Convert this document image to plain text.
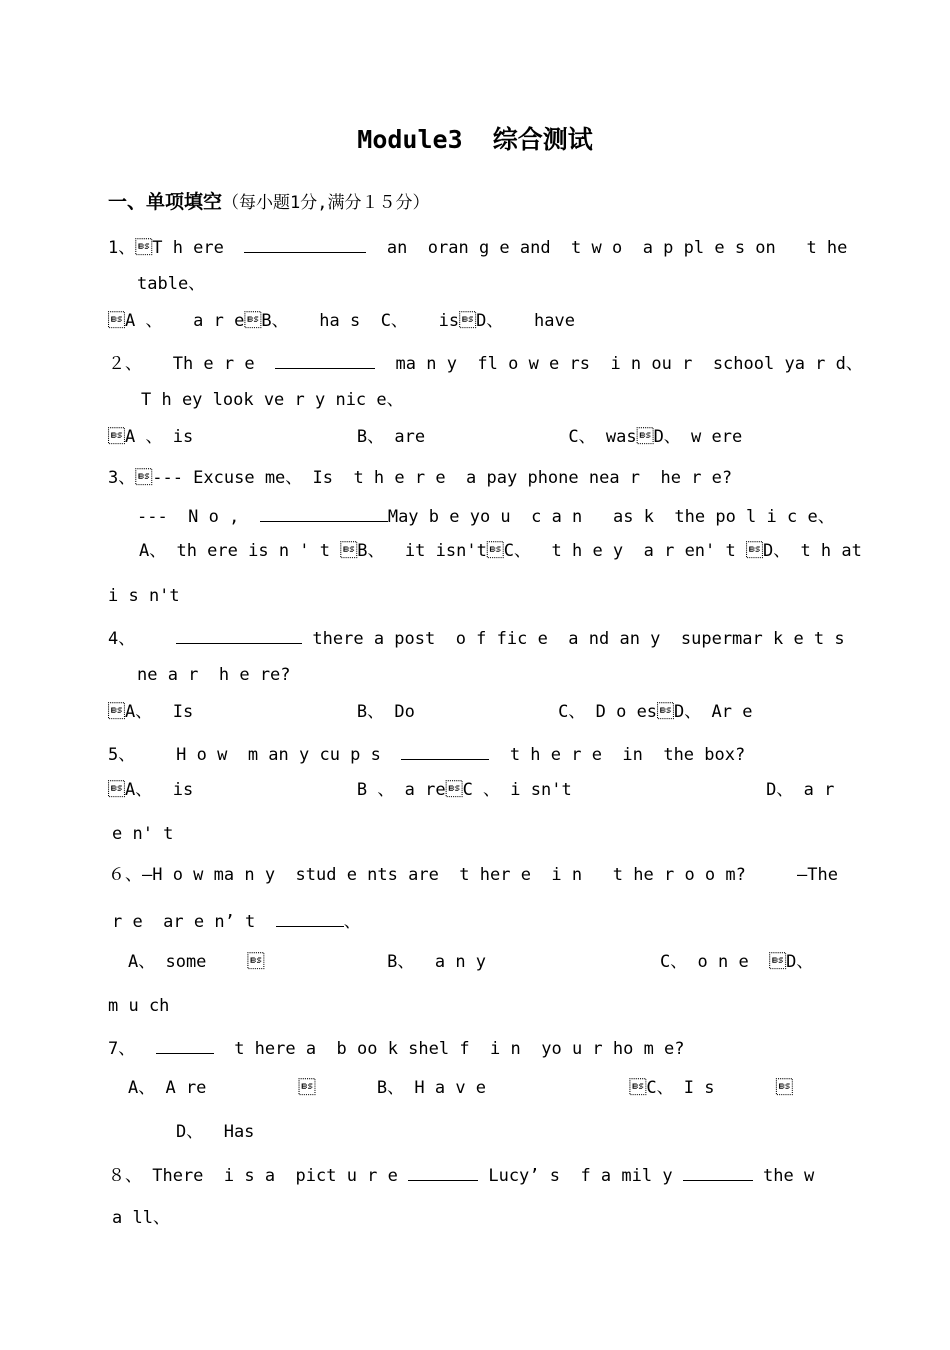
Module3  综合测试
一、单项填空（每小题1分,满分１５分）
1、T h ere	an  oran g e and  t w o  a p pl e s on   t he
table、
A 、   a r eB、   ha s  C、   isD、   have
２、   Th e r e	ma n y  fl o w e rs  i n ou r  school ya r d、
T h ey look ve r y nic e、
A 、 is                B、 are              C、 wasD、 w ere
3、--- Excuse me、 Is  t h e r e  a pay phone nea r  he r e?
---  N o ,	May b e yo u  c a n   as k  the po l i c e、
A、 th ere is n ' t B、  it isn'tC、  t h e y  a r en' t D、 t h at
i s n't
4、	there a post  o f fic e  a nd an y  supermar k e t s
ne a r  h e re?
A、  Is                B、 Do              C、 D o esD、 Ar e
5、    H o w  m an y cu p s	t h e r e  in  the box?
A、  is                B 、 a reC 、 i sn't                   D、 a r
e n' t
６、—H o w ma n y  stud e nts are  t her e  i n   t he r o o m?     —The
r e  ar e n’ t	、
A、 some                B、  a n y                 C、 o n e  D、
m u ch
7、	t here a  b oo k shel f  i n  yo u r ho m e?
A、 A re               B、 H a v e              C、 I s      
D、  Has
８、 There  i s a  pict u r e	Lucy’ s  f a mil y	the w
a ll、
